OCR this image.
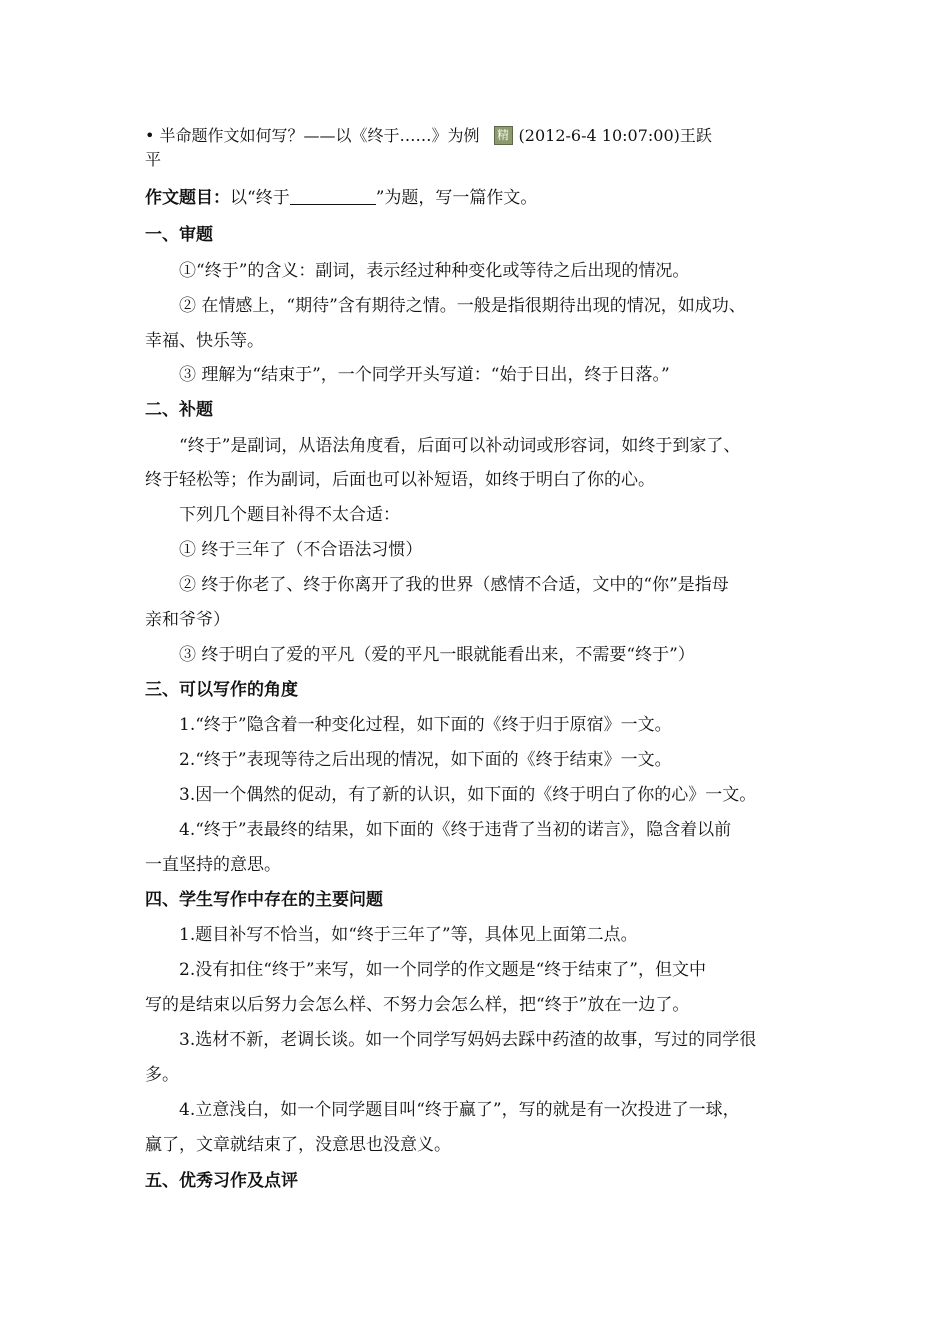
• 半命题作文如何写？——以《终于……》为例 精 (2012-6-4 10:07:00)王跃
平
作文题目：以“终于	”为题，写一篇作文。
一、审题
①“终于”的含义：副词，表示经过种种变化或等待之后出现的情况。
② 在情感上，“期待”含有期待之情。一般是指很期待出现的情况，如成功、
幸福、快乐等。
③ 理解为“结束于”，一个同学开头写道：“始于日出，终于日落。”
二、补题
“终于”是副词，从语法角度看，后面可以补动词或形容词，如终于到家了、
终于轻松等；作为副词，后面也可以补短语，如终于明白了你的心。
下列几个题目补得不太合适：
① 终于三年了（不合语法习惯）
② 终于你老了、终于你离开了我的世界（感情不合适，文中的“你”是指母
亲和爷爷）
③ 终于明白了爱的平凡（爱的平凡一眼就能看出来，不需要“终于”）
三、可以写作的角度
1.“终于”隐含着一种变化过程，如下面的《终于归于原宿》一文。
2.“终于”表现等待之后出现的情况，如下面的《终于结束》一文。
3.因一个偶然的促动，有了新的认识，如下面的《终于明白了你的心》一文。
4.“终于”表最终的结果，如下面的《终于违背了当初的诺言》，隐含着以前
一直坚持的意思。
四、学生写作中存在的主要问题
1.题目补写不恰当，如“终于三年了”等，具体见上面第二点。
2.没有扣住“终于”来写，如一个同学的作文题是“终于结束了”，但文中
写的是结束以后努力会怎么样、不努力会怎么样，把“终于”放在一边了。
3.选材不新，老调长谈。如一个同学写妈妈去踩中药渣的故事，写过的同学很
多。
4.立意浅白，如一个同学题目叫“终于赢了”，写的就是有一次投进了一球，
赢了，文章就结束了，没意思也没意义。
五、优秀习作及点评
